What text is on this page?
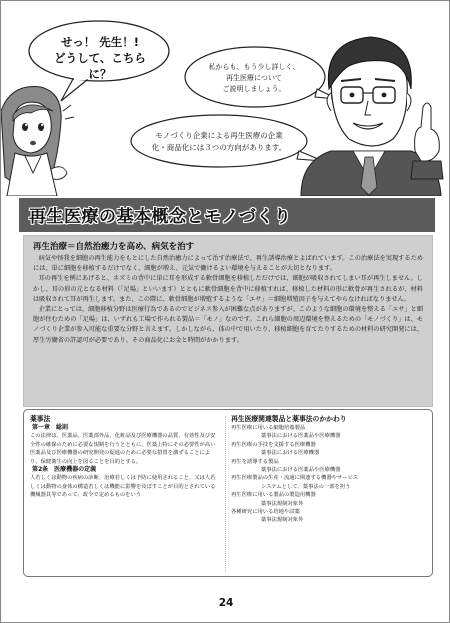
せっ！ 先生！!
どうして、こちらに？	私からも、もう少し詳しく、
再生医療について
ご説明しましょう。
モノづくり企業による再生医療の企業
化・商品化には３つの方向があります。
再生医療の基本概念とモノづくり
再生治療＝自然治癒力を高め、病気を治す

病気や怪我を細胞の再生能力をもとにした自然治癒力によって治す治療法で、再生誘導治療とよばれています。この治療法を実現するためには、単に細胞を移植するだけでなく、細胞が増え、元気で働けるよい環境を与えることが大切となります。

耳の再生を例にあげると、ネズミの背中に単に耳を形成する軟骨細胞を移植しただけでは、細胞が吸収されてしまい耳が再生しません。しかし、耳の形の元となる材料（「足場」といいます）とともに軟骨細胞を背中に移植すれば、移植した材料の形に軟骨が再生されるが、材料は吸収されて耳が再生します。また、この際に、軟骨細胞が増殖するような「エサ」＝細胞増殖因子を与えてやらなければなりません。

企業にとっては、細胞移植分野は医療行為であるのでビジネス参入が困難な点がありますが、このような細胞の環境を整える「エサ」と細胞が住むための「足場」は、いずれも工場で作られる製品＝「モノ」なのです。これら細胞の周辺環境を整えるための「モノづくり」は、モノづくり企業が参入可能な重要な分野と言えます。しかしながら、体の中で用いたり、移植細胞を育てたりするための材料の研究開発には、厚生労働省の許認可が必要であり、その商品化にお金と時間がかかります。

薬事法
第一章　総則
この法律は、医薬品、医薬部外品、化粧品及び医療機器の品質、有効性及び安全性の確保のために必要な規制を行うとともに、医薬上特にその必要性が高い医薬品及び医療機器の研究開発の促進のために必要な措置を講ずることにより、保健衛生の向上を図ることを目的とする。
第2条　医療機器の定義
人若しくは動物の疾病の診断、治療若しくは予防に使用されること、又は人若しくは動物の身体の構造若しくは機能に影響を及ぼすことが目的とされている機械器具等であって、政令で定めるものをいう
再生医療関連製品と薬事法のかかわり
再生医療に用いる細胞培養製品
薬事法における医薬品や医療機器
再生医療の手技を支援する医療機器
薬事法における医療機器
再生を誘導する製品
薬事法における医薬品や医療機器
再生医療製品の生産・流通に関連する機器やサービス
システムとして、薬事法の一部を担う
再生医療に用いる製品の製造用機器
薬事法規制対象外
各種研究に用いる培地や試薬
薬事法規制対象外
24
